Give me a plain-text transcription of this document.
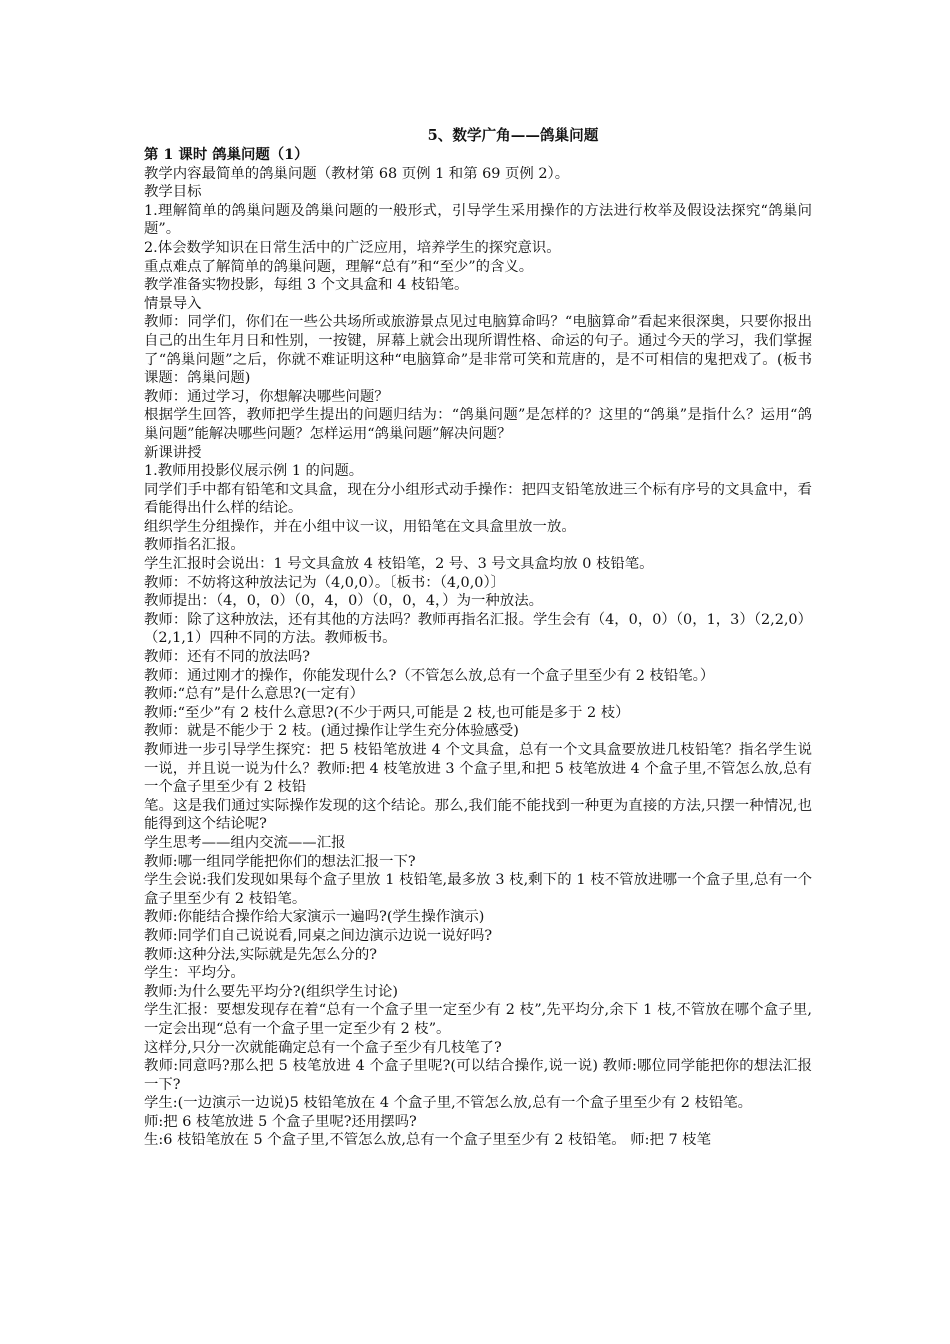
5、数学广角——鸽巢问题
第 1 课时 鸽巢问题（1）

教学内容最简单的鸽巢问题（教材第 68 页例 1 和第 69 页例 2）。

教学目标

1.理解简单的鸽巢问题及鸽巢问题的一般形式，引导学生采用操作的方法进行枚举及假设法探究“鸽巢问题”。

2.体会数学知识在日常生活中的广泛应用，培养学生的探究意识。

重点难点了解简单的鸽巢问题，理解“总有”和“至少”的含义。

教学准备实物投影，每组 3 个文具盒和 4 枝铅笔。

情景导入

教师：同学们，你们在一些公共场所或旅游景点见过电脑算命吗？“电脑算命”看起来很深奥，只要你报出自己的出生年月日和性别，一按键，屏幕上就会出现所谓性格、命运的句子。通过今天的学习，我们掌握了“鸽巢问题”之后，你就不难证明这种“电脑算命”是非常可笑和荒唐的，是不可相信的鬼把戏了。(板书课题：鸽巢问题)

教师：通过学习，你想解决哪些问题？

根据学生回答，教师把学生提出的问题归结为：“鸽巢问题”是怎样的？这里的“鸽巢”是指什么？运用“鸽巢问题”能解决哪些问题？怎样运用“鸽巢问题”解决问题？

新课讲授

1.教师用投影仪展示例 1 的问题。

同学们手中都有铅笔和文具盒，现在分小组形式动手操作：把四支铅笔放进三个标有序号的文具盒中，看看能得出什么样的结论。

组织学生分组操作，并在小组中议一议，用铅笔在文具盒里放一放。

教师指名汇报。

学生汇报时会说出：1 号文具盒放 4 枝铅笔，2 号、3 号文具盒均放 0 枝铅笔。

教师：不妨将这种放法记为（4,0,0）。〔板书：（4,0,0）〕

教师提出：（4，0，0）（0，4，0）（0，0，4，）为一种放法。

教师：除了这种放法，还有其他的方法吗？教师再指名汇报。学生会有（4，0，0）（0，1，3）（2,2,0）（2,1,1）四种不同的方法。教师板书。

教师：还有不同的放法吗?

教师：通过刚才的操作，你能发现什么?（不管怎么放,总有一个盒子里至少有 2 枝铅笔。）

教师:“总有”是什么意思?(一定有）

教师:“至少”有 2 枝什么意思?(不少于两只,可能是 2 枝,也可能是多于 2 枝）

教师：就是不能少于 2 枝。(通过操作让学生充分体验感受)

教师进一步引导学生探究：把 5 枝铅笔放进 4 个文具盒，总有一个文具盒要放进几枝铅笔？指名学生说一说，并且说一说为什么？教师:把 4 枝笔放进 3 个盒子里,和把 5 枝笔放进 4 个盒子里,不管怎么放,总有一个盒子里至少有 2 枝铅

笔。这是我们通过实际操作发现的这个结论。那么,我们能不能找到一种更为直接的方法,只摆一种情况,也能得到这个结论呢?

学生思考——组内交流——汇报

教师:哪一组同学能把你们的想法汇报一下?

学生会说:我们发现如果每个盒子里放 1 枝铅笔,最多放 3 枝,剩下的 1 枝不管放进哪一个盒子里,总有一个盒子里至少有 2 枝铅笔。

教师:你能结合操作给大家演示一遍吗?(学生操作演示)

教师:同学们自己说说看,同桌之间边演示边说一说好吗?

教师:这种分法,实际就是先怎么分的?

学生：平均分。

教师:为什么要先平均分?(组织学生讨论)

学生汇报：要想发现存在着“总有一个盒子里一定至少有 2 枝”,先平均分,余下 1 枝,不管放在哪个盒子里,一定会出现“总有一个盒子里一定至少有 2 枝”。

这样分,只分一次就能确定总有一个盒子至少有几枝笔了?

教师:同意吗?那么把 5 枝笔放进 4 个盒子里呢?(可以结合操作,说一说) 教师:哪位同学能把你的想法汇报一下?

学生:(一边演示一边说)5 枝铅笔放在 4 个盒子里,不管怎么放,总有一个盒子里至少有 2 枝铅笔。

师:把 6 枝笔放进 5 个盒子里呢?还用摆吗?

生:6 枝铅笔放在 5 个盒子里,不管怎么放,总有一个盒子里至少有 2 枝铅笔。 师:把 7 枝笔
